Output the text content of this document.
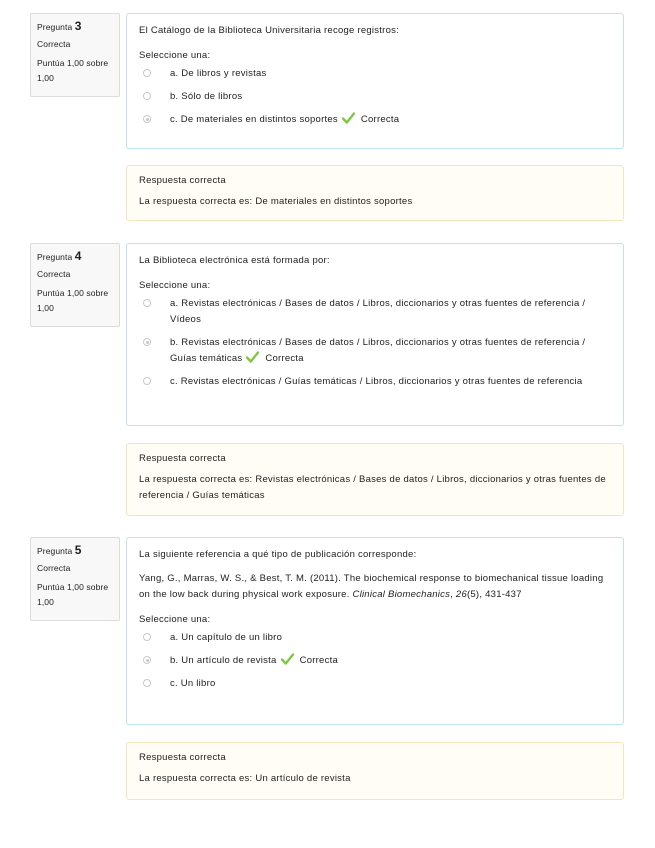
Pregunta 3
Correcta
Puntúa 1,00 sobre 1,00
El Catálogo de la Biblioteca Universitaria recoge registros:
Seleccione una:
a. De libros y revistas
b. Sólo de libros
c. De materiales en distintos soportes Correcta
Respuesta correcta
La respuesta correcta es: De materiales en distintos soportes
Pregunta 4
Correcta
Puntúa 1,00 sobre 1,00
La Biblioteca electrónica está formada por:
Seleccione una:
a. Revistas electrónicas / Bases de datos / Libros, diccionarios y otras fuentes de referencia / Vídeos
b. Revistas electrónicas / Bases de datos / Libros, diccionarios y otras fuentes de referencia / Guías temáticas Correcta
c. Revistas electrónicas / Guías temáticas / Libros, diccionarios y otras fuentes de referencia
Respuesta correcta
La respuesta correcta es: Revistas electrónicas / Bases de datos / Libros, diccionarios y otras fuentes de referencia / Guías temáticas
Pregunta 5
Correcta
Puntúa 1,00 sobre 1,00
La siguiente referencia a qué tipo de publicación corresponde:
Yang, G., Marras, W. S., & Best, T. M. (2011). The biochemical response to biomechanical tissue loading on the low back during physical work exposure. Clinical Biomechanics, 26(5), 431-437
Seleccione una:
a. Un capítulo de un libro
b. Un artículo de revista Correcta
c. Un libro
Respuesta correcta
La respuesta correcta es: Un artículo de revista
